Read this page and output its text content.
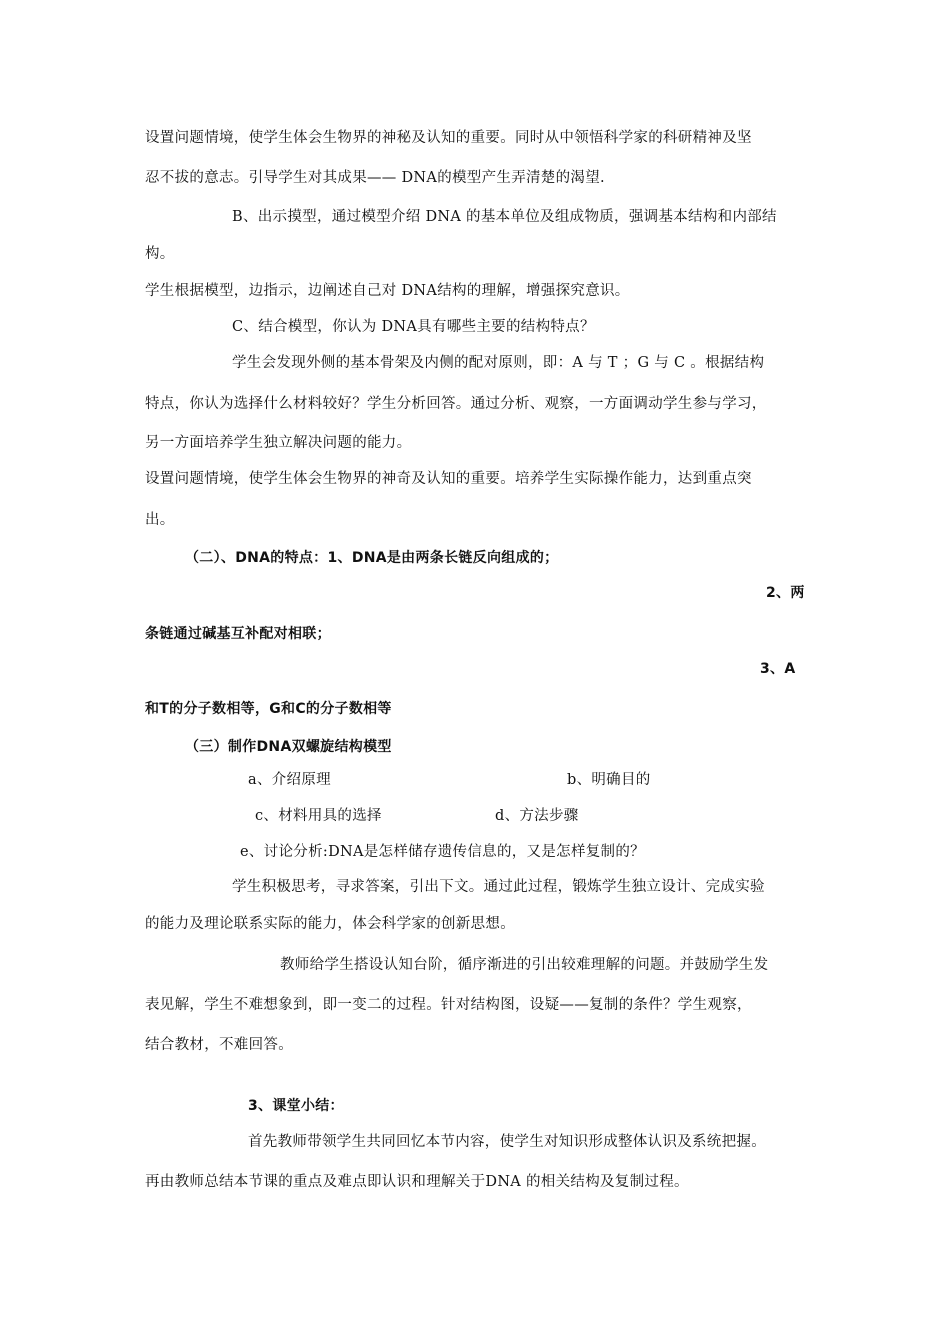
设置问题情境，使学生体会生物界的神秘及认知的重要。同时从中领悟科学家的科研精神及坚
忍不拔的意志。引导学生对其成果—— DNA的模型产生弄清楚的渴望.
B、出示摸型，通过模型介绍 DNA 的基本单位及组成物质，强调基本结构和内部结
构。
学生根据模型，边指示，边阐述自己对 DNA结构的理解，增强探究意识。
C、结合模型，你认为 DNA具有哪些主要的结构特点？
学生会发现外侧的基本骨架及内侧的配对原则，即：A 与 T ；G 与 C 。根据结构
特点，你认为选择什么材料较好？学生分析回答。通过分析、观察，一方面调动学生参与学习，
另一方面培养学生独立解决问题的能力。
设置问题情境，使学生体会生物界的神奇及认知的重要。培养学生实际操作能力，达到重点突
出。
（二）、DNA的特点：1、DNA是由两条长链反向组成的；
2、两
条链通过碱基互补配对相联；
3、A
和T的分子数相等，G和C的分子数相等
（三）制作DNA双螺旋结构模型
a、介绍原理	b、明确目的
c、材料用具的选择	d、方法步骤
e、讨论分析:DNA是怎样储存遗传信息的，又是怎样复制的？
学生积极思考，寻求答案，引出下文。通过此过程，锻炼学生独立设计、完成实验
的能力及理论联系实际的能力，体会科学家的创新思想。
教师给学生搭设认知台阶，循序渐进的引出较难理解的问题。并鼓励学生发
表见解，学生不难想象到，即一变二的过程。针对结构图，设疑——复制的条件？学生观察，
结合教材，不难回答。
3、课堂小结：
首先教师带领学生共同回忆本节内容，使学生对知识形成整体认识及系统把握。
再由教师总结本节课的重点及难点即认识和理解关于DNA 的相关结构及复制过程。
